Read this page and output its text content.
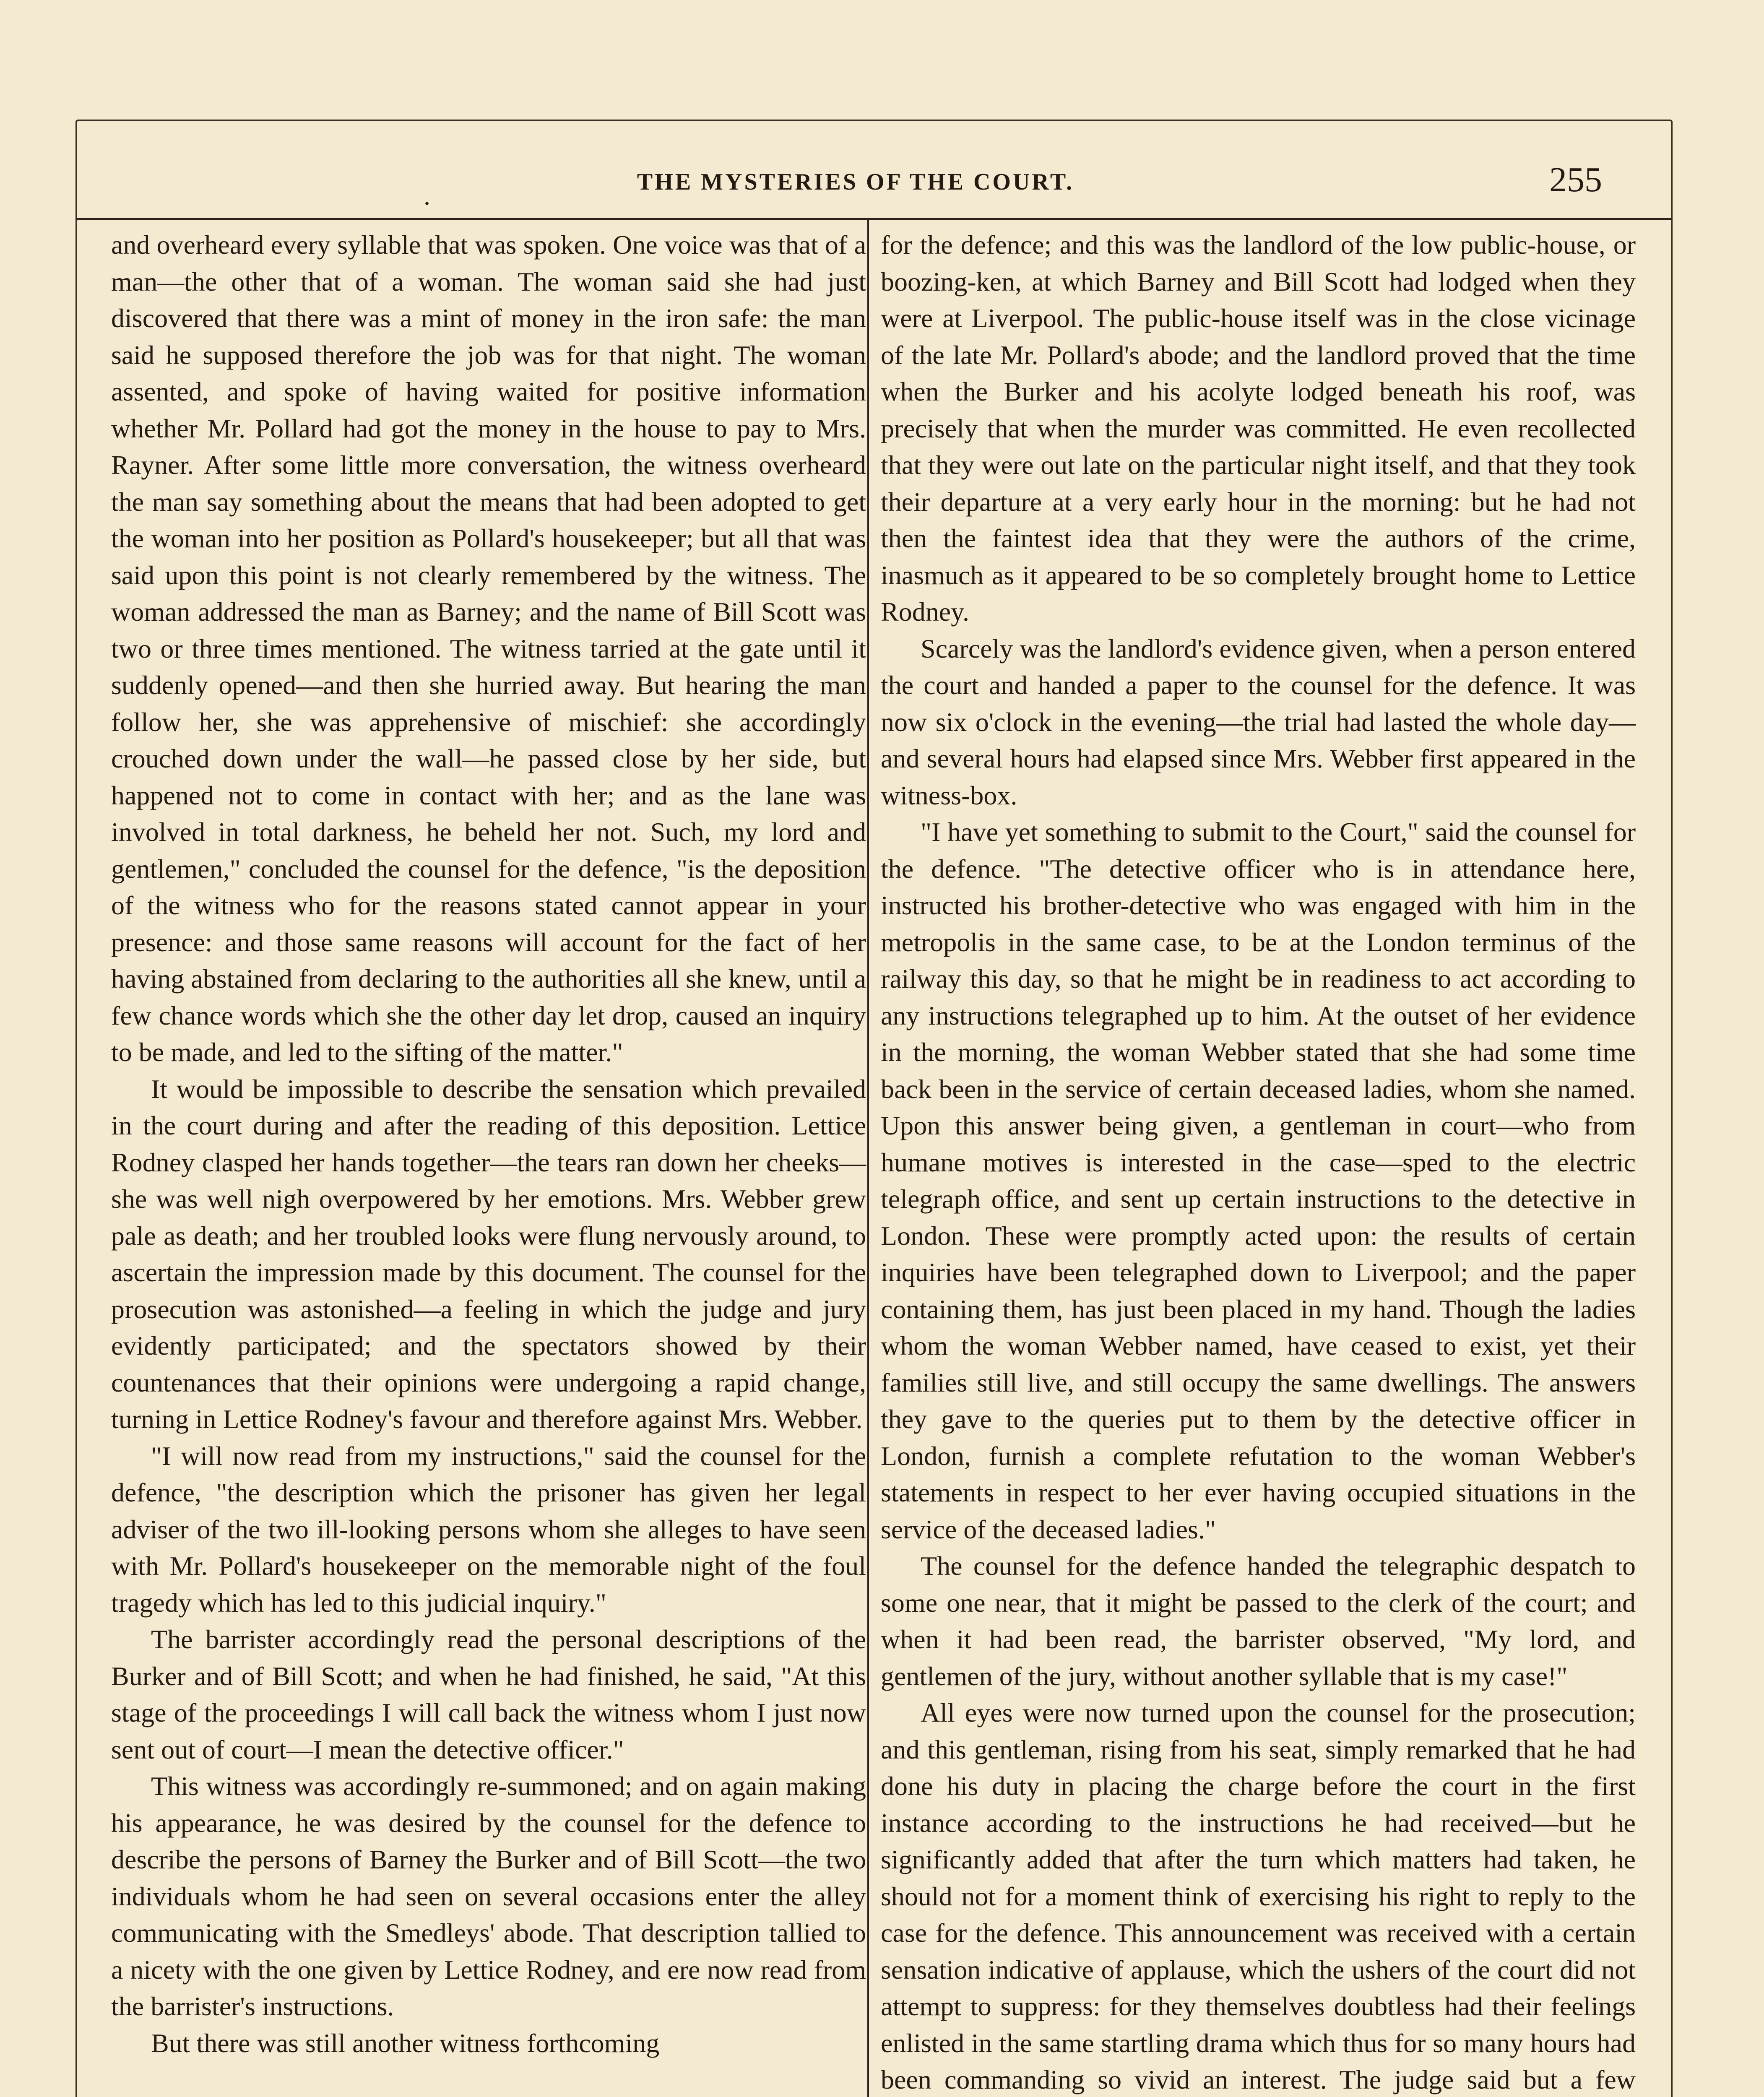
.	THE MYSTERIES OF THE COURT.	255

and overheard every syllable that was spoken. One voice was that of a man—the other that of a woman. The woman said she had just discovered that there was a mint of money in the iron safe: the man said he supposed therefore the job was for that night. The woman assented, and spoke of having waited for positive information whether Mr. Pollard had got the money in the house to pay to Mrs. Rayner. After some little more conversation, the witness overheard the man say something about the means that had been adopted to get the woman into her position as Pollard's housekeeper; but all that was said upon this point is not clearly remembered by the witness. The woman addressed the man as Barney; and the name of Bill Scott was two or three times mentioned. The witness tarried at the gate until it suddenly opened—and then she hurried away. But hearing the man follow her, she was apprehensive of mischief: she accordingly crouched down under the wall—he passed close by her side, but happened not to come in contact with her; and as the lane was involved in total darkness, he beheld her not. Such, my lord and gentlemen," concluded the counsel for the defence, "is the deposition of the witness who for the reasons stated cannot appear in your presence: and those same reasons will account for the fact of her having abstained from declaring to the authorities all she knew, until a few chance words which she the other day let drop, caused an inquiry to be made, and led to the sifting of the matter."

It would be impossible to describe the sensation which prevailed in the court during and after the reading of this deposition. Lettice Rodney clasped her hands together—the tears ran down her cheeks—she was well nigh overpowered by her emotions. Mrs. Webber grew pale as death; and her troubled looks were flung nervously around, to ascertain the impression made by this document. The counsel for the prosecution was astonished—a feeling in which the judge and jury evidently participated; and the spectators showed by their countenances that their opinions were undergoing a rapid change, turning in Lettice Rodney's favour and therefore against Mrs. Webber.

"I will now read from my instructions," said the counsel for the defence, "the description which the prisoner has given her legal adviser of the two ill-looking persons whom she alleges to have seen with Mr. Pollard's housekeeper on the memorable night of the foul tragedy which has led to this judicial inquiry."

The barrister accordingly read the personal descriptions of the Burker and of Bill Scott; and when he had finished, he said, "At this stage of the proceedings I will call back the witness whom I just now sent out of court—I mean the detective officer."

This witness was accordingly re-summoned; and on again making his appearance, he was desired by the counsel for the defence to describe the persons of Barney the Burker and of Bill Scott—the two individuals whom he had seen on several occasions enter the alley communicating with the Smedleys' abode. That description tallied to a nicety with the one given by Lettice Rodney, and ere now read from the barrister's instructions.

But there was still another witness forthcoming

for the defence; and this was the landlord of the low public-house, or boozing-ken, at which Barney and Bill Scott had lodged when they were at Liverpool. The public-house itself was in the close vicinage of the late Mr. Pollard's abode; and the landlord proved that the time when the Burker and his acolyte lodged beneath his roof, was precisely that when the murder was committed. He even recollected that they were out late on the particular night itself, and that they took their departure at a very early hour in the morning: but he had not then the faintest idea that they were the authors of the crime, inasmuch as it appeared to be so completely brought home to Lettice Rodney.

Scarcely was the landlord's evidence given, when a person entered the court and handed a paper to the counsel for the defence. It was now six o'clock in the evening—the trial had lasted the whole day—and several hours had elapsed since Mrs. Webber first appeared in the witness-box.

"I have yet something to submit to the Court," said the counsel for the defence. "The detective officer who is in attendance here, instructed his brother-detective who was engaged with him in the metropolis in the same case, to be at the London terminus of the railway this day, so that he might be in readiness to act according to any instructions telegraphed up to him. At the outset of her evidence in the morning, the woman Webber stated that she had some time back been in the service of certain deceased ladies, whom she named. Upon this answer being given, a gentleman in court—who from humane motives is interested in the case—sped to the electric telegraph office, and sent up certain instructions to the detective in London. These were promptly acted upon: the results of certain inquiries have been telegraphed down to Liverpool; and the paper containing them, has just been placed in my hand. Though the ladies whom the woman Webber named, have ceased to exist, yet their families still live, and still occupy the same dwellings. The answers they gave to the queries put to them by the detective officer in London, furnish a complete refutation to the woman Webber's statements in respect to her ever having occupied situations in the service of the deceased ladies."

The counsel for the defence handed the telegraphic despatch to some one near, that it might be passed to the clerk of the court; and when it had been read, the barrister observed, "My lord, and gentlemen of the jury, without another syllable that is my case!"

All eyes were now turned upon the counsel for the prosecution; and this gentleman, rising from his seat, simply remarked that he had done his duty in placing the charge before the court in the first instance according to the instructions he had received—but he significantly added that after the turn which matters had taken, he should not for a moment think of exercising his right to reply to the case for the defence. This announcement was received with a certain sensation indicative of applause, which the ushers of the court did not attempt to suppress: for they themselves doubtless had their feelings enlisted in the same startling drama which thus for so many hours had been commanding so vivid an interest. The judge said but a few
